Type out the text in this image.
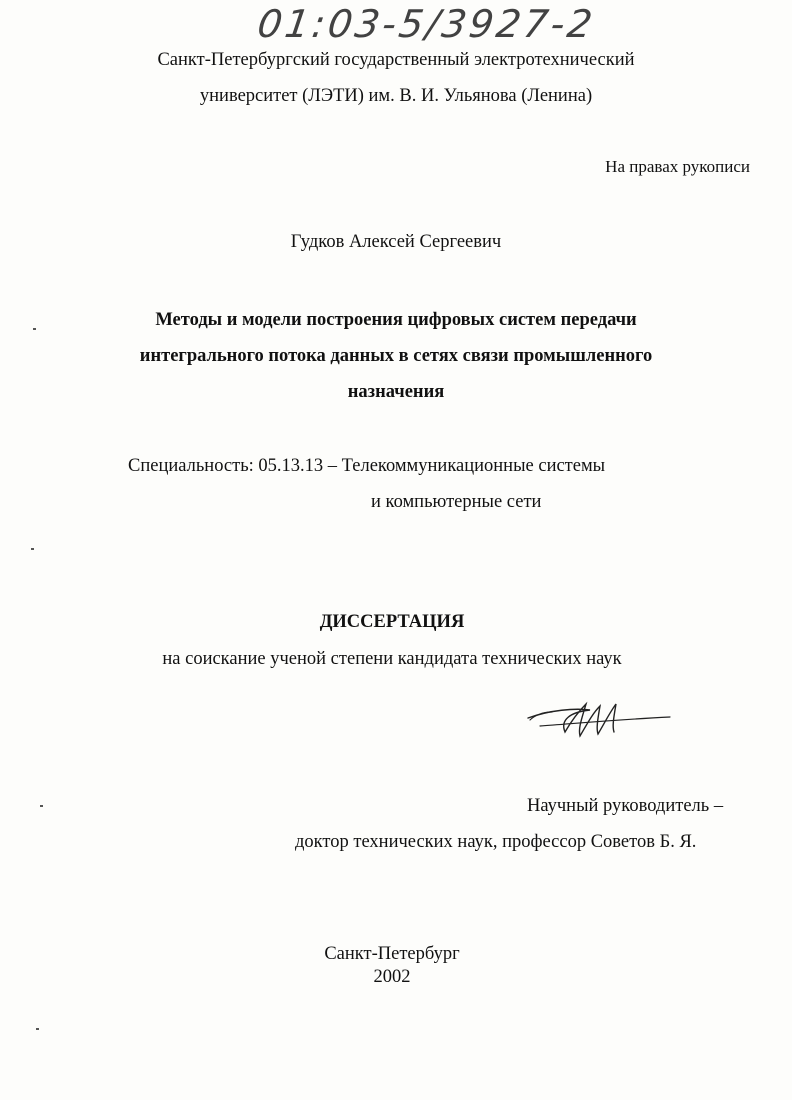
01:03-5/3927-2
Санкт-Петербургский государственный электротехнический
университет (ЛЭТИ) им. В. И. Ульянова (Ленина)
На правах рукописи
Гудков Алексей Сергеевич
Методы и модели построения цифровых систем передачи
интегрального потока данных в сетях связи промышленного
назначения
Специальность: 05.13.13 – Телекоммуникационные системы
и компьютерные сети
ДИССЕРТАЦИЯ
на соискание ученой степени кандидата технических наук
Научный руководитель –
доктор технических наук, профессор Советов Б. Я.
Санкт-Петербург
2002
